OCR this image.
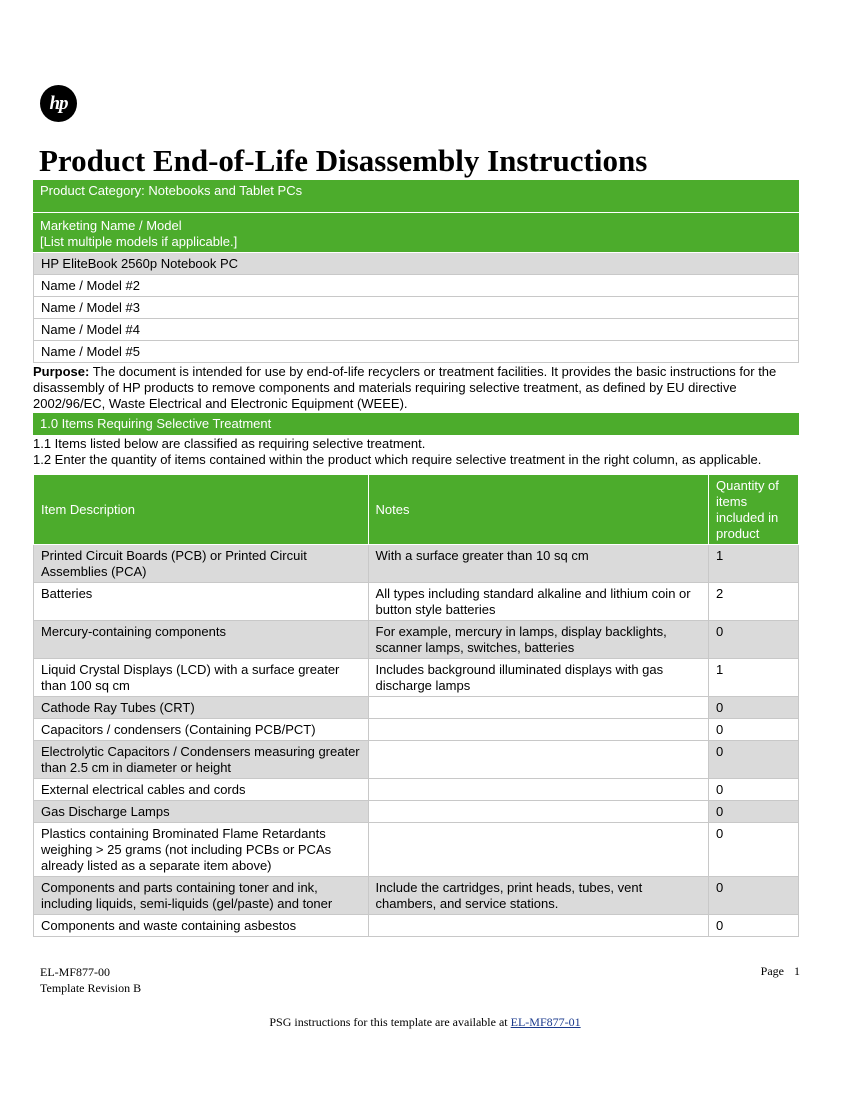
hp
Product End-of-Life Disassembly Instructions
Product Category: Notebooks and Tablet PCs
Marketing Name / Model
[List multiple models if applicable.]
HP EliteBook 2560p Notebook PC
Name / Model #2
Name / Model #3
Name / Model #4
Name / Model #5
Purpose: The document is intended for use by end-of-life recyclers or treatment facilities. It provides the basic instructions for the disassembly of HP products to remove components and materials requiring selective treatment, as defined by EU directive 2002/96/EC, Waste Electrical and Electronic Equipment (WEEE).
1.0 Items Requiring Selective Treatment
1.1 Items listed below are classified as requiring selective treatment.
1.2 Enter the quantity of items contained within the product which require selective treatment in the right column, as applicable.
Item Description	Notes	Quantity of items included in product
Printed Circuit Boards (PCB) or Printed Circuit Assemblies (PCA)	With a surface greater than 10 sq cm	1
Batteries	All types including standard alkaline and lithium coin or button style batteries	2
Mercury-containing components	For example, mercury in lamps, display backlights, scanner lamps, switches, batteries	0
Liquid Crystal Displays (LCD) with a surface greater than 100 sq cm	Includes background illuminated displays with gas discharge lamps	1
Cathode Ray Tubes (CRT)		0
Capacitors / condensers (Containing PCB/PCT)		0
Electrolytic Capacitors / Condensers measuring greater than 2.5 cm in diameter or height		0
External electrical cables and cords		0
Gas Discharge Lamps		0
Plastics containing Brominated Flame Retardants weighing > 25 grams (not including PCBs or PCAs already listed as a separate item above)		0
Components and parts containing toner and ink, including liquids, semi-liquids (gel/paste) and toner	Include the cartridges, print heads, tubes, vent chambers, and service stations.	0
Components and waste containing asbestos		0
EL-MF877-00
Template Revision B
Page 1
PSG instructions for this template are available at EL-MF877-01
